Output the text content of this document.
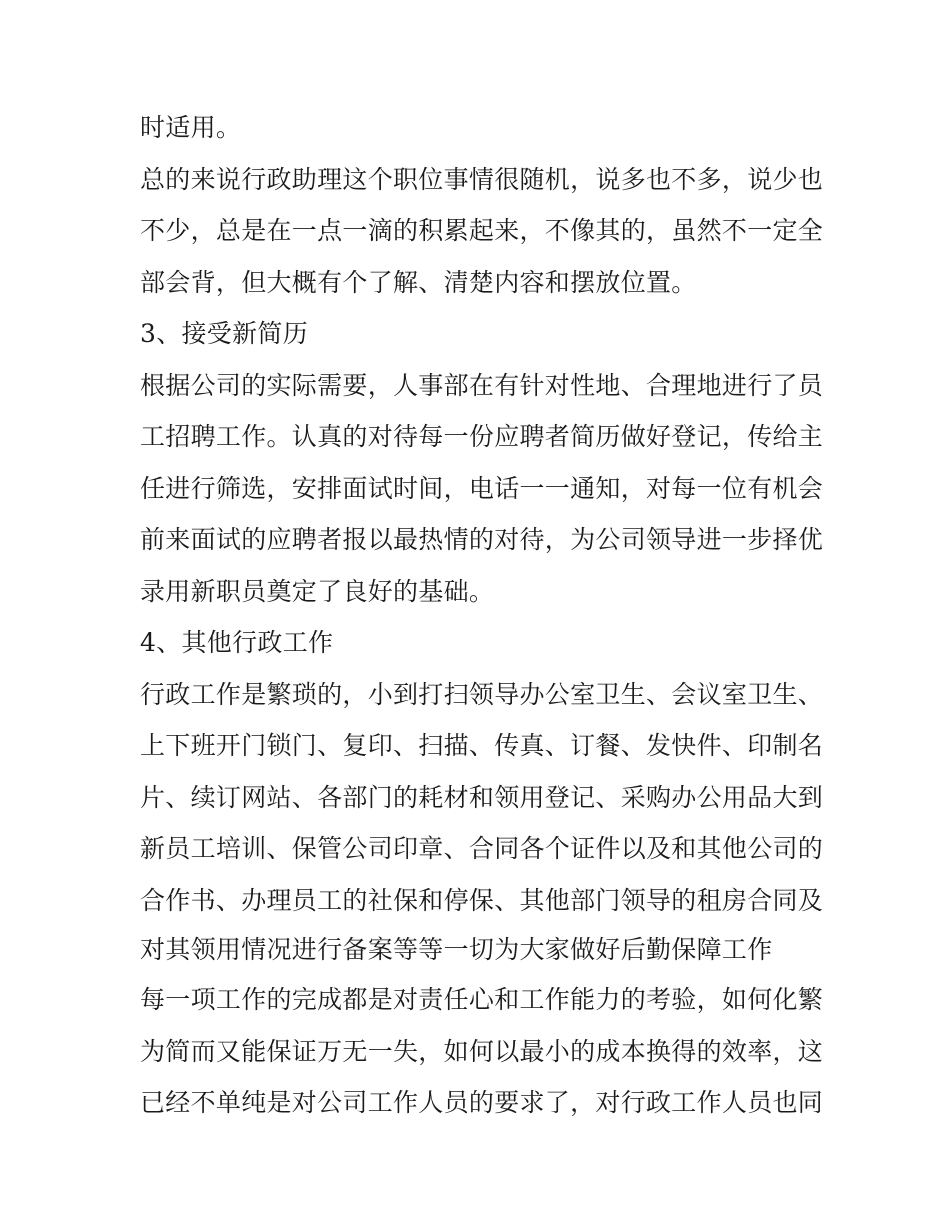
时适用。
总的来说行政助理这个职位事情很随机，说多也不多，说少也
不少，总是在一点一滴的积累起来，不像其的，虽然不一定全
部会背，但大概有个了解、清楚内容和摆放位置。
3、接受新简历
根据公司的实际需要，人事部在有针对性地、合理地进行了员
工招聘工作。认真的对待每一份应聘者简历做好登记，传给主
任进行筛选，安排面试时间，电话一一通知，对每一位有机会
前来面试的应聘者报以最热情的对待，为公司领导进一步择优
录用新职员奠定了良好的基础。
4、其他行政工作
行政工作是繁琐的，小到打扫领导办公室卫生、会议室卫生、
上下班开门锁门、复印、扫描、传真、订餐、发快件、印制名
片、续订网站、各部门的耗材和领用登记、采购办公用品大到
新员工培训、保管公司印章、合同各个证件以及和其他公司的
合作书、办理员工的社保和停保、其他部门领导的租房合同及
对其领用情况进行备案等等一切为大家做好后勤保障工作
每一项工作的完成都是对责任心和工作能力的考验，如何化繁
为简而又能保证万无一失，如何以最小的成本换得的效率，这
已经不单纯是对公司工作人员的要求了，对行政工作人员也同
